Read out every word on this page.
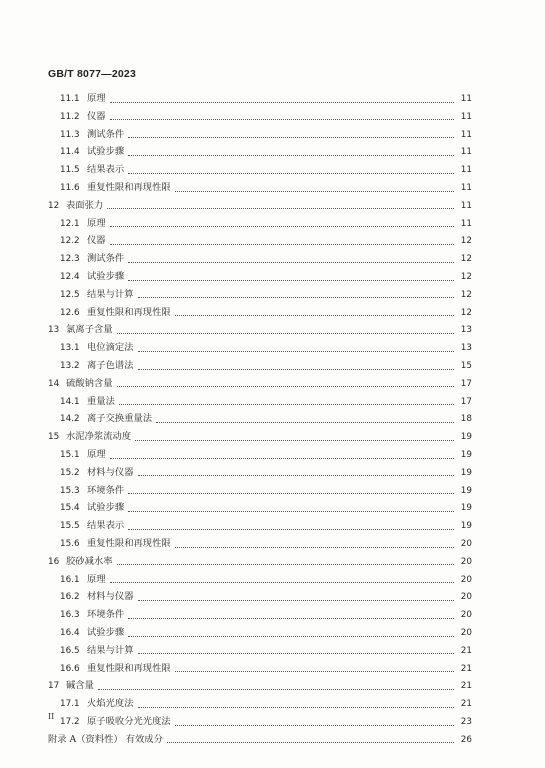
GB/T 8077—2023
11.1 原理	11
11.2 仪器	11
11.3 测试条件	11
11.4 试验步骤	11
11.5 结果表示	11
11.6 重复性限和再现性限	11
12 表面张力	11
12.1 原理	11
12.2 仪器	12
12.3 测试条件	12
12.4 试验步骤	12
12.5 结果与计算	12
12.6 重复性限和再现性限	12
13 氯离子含量	13
13.1 电位滴定法	13
13.2 离子色谱法	15
14 硫酸钠含量	17
14.1 重量法	17
14.2 离子交换重量法	18
15 水泥净浆流动度	19
15.1 原理	19
15.2 材料与仪器	19
15.3 环境条件	19
15.4 试验步骤	19
15.5 结果表示	19
15.6 重复性限和再现性限	20
16 胶砂减水率	20
16.1 原理	20
16.2 材料与仪器	20
16.3 环境条件	20
16.4 试验步骤	20
16.5 结果与计算	21
16.6 重复性限和再现性限	21
17 碱含量	21
17.1 火焰光度法	21
17.2 原子吸收分光光度法	23
附录 A（资料性） 有效成分	26
II
